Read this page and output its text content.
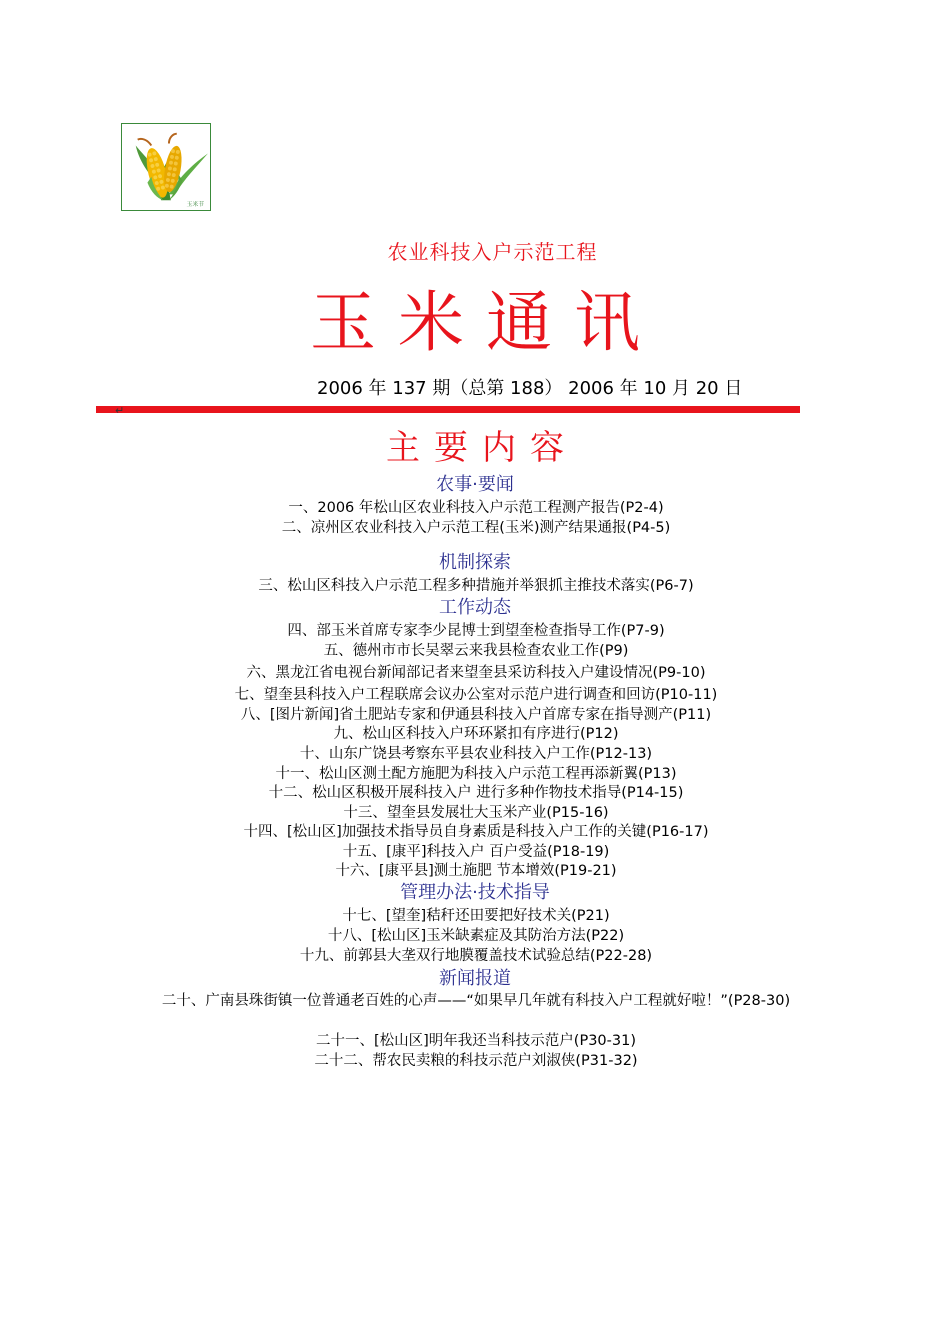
玉米节
农业科技入户示范工程
玉米通讯
2006 年 137 期（总第 188） 2006 年 10 月 20 日
↵
主要内容
农事·要闻
一、2006 年松山区农业科技入户示范工程测产报告(P2-4)
二、凉州区农业科技入户示范工程(玉米)测产结果通报(P4-5)
机制探索
三、松山区科技入户示范工程多种措施并举狠抓主推技术落实(P6-7)
工作动态
四、部玉米首席专家李少昆博士到望奎检查指导工作(P7-9)
五、德州市市长吴翠云来我县检查农业工作(P9)
六、黑龙江省电视台新闻部记者来望奎县采访科技入户建设情况(P9-10)
七、望奎县科技入户工程联席会议办公室对示范户进行调查和回访(P10-11)
八、[图片新闻]省土肥站专家和伊通县科技入户首席专家在指导测产(P11)
九、松山区科技入户环环紧扣有序进行(P12)
十、山东广饶县考察东平县农业科技入户工作(P12-13)
十一、松山区测土配方施肥为科技入户示范工程再添新翼(P13)
十二、松山区积极开展科技入户 进行多种作物技术指导(P14-15)
十三、望奎县发展壮大玉米产业(P15-16)
十四、[松山区]加强技术指导员自身素质是科技入户工作的关键(P16-17)
十五、[康平]科技入户 百户受益(P18-19)
十六、[康平县]测土施肥 节本增效(P19-21)
管理办法·技术指导
十七、[望奎]秸秆还田要把好技术关(P21)
十八、[松山区]玉米缺素症及其防治方法(P22)
十九、前郭县大垄双行地膜覆盖技术试验总结(P22-28)
新闻报道
二十、广南县珠街镇一位普通老百姓的心声——“如果早几年就有科技入户工程就好啦！”(P28-30)
二十一、[松山区]明年我还当科技示范户(P30-31)
二十二、帮农民卖粮的科技示范户刘淑侠(P31-32)
